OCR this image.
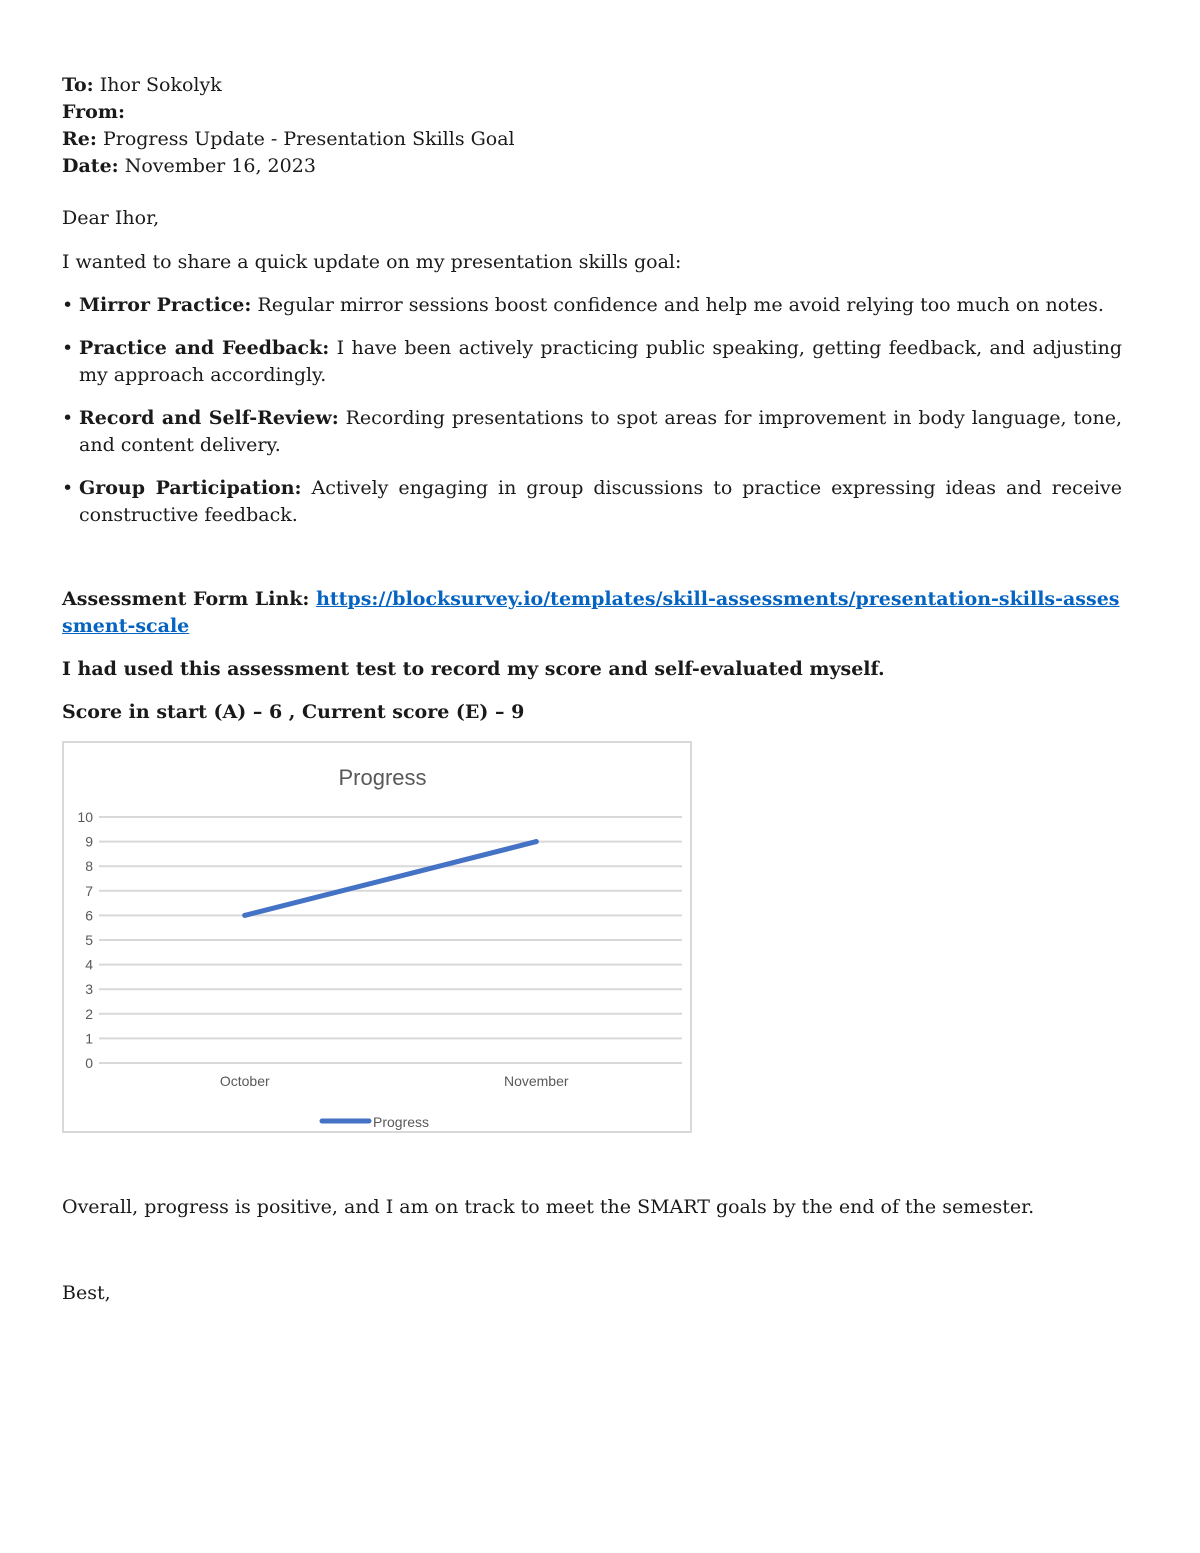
To: Ihor Sokolyk

From:

Re: Progress Update - Presentation Skills Goal

Date: November 16, 2023

Dear Ihor,

I wanted to share a quick update on my presentation skills goal:

• Mirror Practice: Regular mirror sessions boost confidence and help me avoid relying too much on notes.
• Practice and Feedback: I have been actively practicing public speaking, getting feedback, and adjusting my approach accordingly.
• Record and Self-Review: Recording presentations to spot areas for improvement in body language, tone, and content delivery.
• Group Participation: Actively engaging in group discussions to practice expressing ideas and receive constructive feedback.

Assessment Form Link: https://blocksurvey.io/templates/skill-assessments/presentation-skills-assessment-scale

I had used this assessment test to record my score and self-evaluated myself.

Score in start (A) – 6 , Current score (E) – 9

Progress
0
1
2
3
4
5
6
7
8
9
10
October	November
Progress

Overall, progress is positive, and I am on track to meet the SMART goals by the end of the semester.

Best,
